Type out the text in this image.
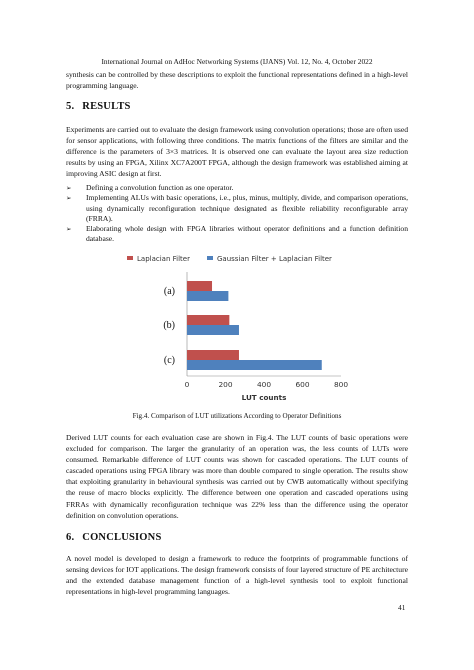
International Journal on AdHoc Networking Systems (IJANS) Vol. 12, No. 4, October 2022
synthesis can be controlled by these descriptions to exploit the functional representations defined in a high-level programming language.
5. RESULTS
Experiments are carried out to evaluate the design framework using convolution operations; those are often used for sensor applications, with following three conditions. The matrix functions of the filters are similar and the difference is the parameters of 3×3 matrices. It is observed one can evaluate the layout area size reduction results by using an FPGA, Xilinx XC7A200T FPGA, although the design framework was established aiming at improving ASIC design at first.
➢ Defining a convolution function as one operator.
➢ Implementing ALUs with basic operations, i.e., plus, minus, multiply, divide, and comparison operations, using dynamically reconfiguration technique designated as flexible reliability reconfigurable array (FRRA).
➢ Elaborating whole design with FPGA libraries without operator definitions and a function definition database.
Laplacian Filter	Gaussian Filter + Laplacian Filter
(a)
(b)
(c)
0	200	400	600	800
LUT counts
Fig.4. Comparison of LUT utilizations According to Operator Definitions
Derived LUT counts for each evaluation case are shown in Fig.4. The LUT counts of basic operations were excluded for comparison. The larger the granularity of an operation was, the less counts of LUTs were consumed. Remarkable difference of LUT counts was shown for cascaded operations. The LUT counts of cascaded operations using FPGA library was more than double compared to single operation. The results show that exploiting granularity in behavioural synthesis was carried out by CWB automatically without specifying the reuse of macro blocks explicitly. The difference between one operation and cascaded operations using FRRAs with dynamically reconfiguration technique was 22% less than the difference using the operator definition on convolution operations.
6. CONCLUSIONS
A novel model is developed to design a framework to reduce the footprints of programmable functions of sensing devices for IOT applications. The design framework consists of four layered structure of PE architecture and the extended database management function of a high-level synthesis tool to exploit functional representations in high-level programming languages.
41
